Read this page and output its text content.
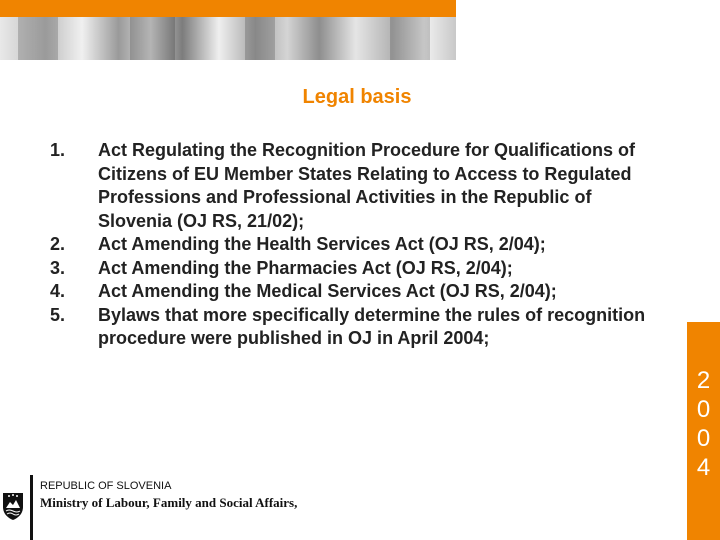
Legal basis
1.	Act Regulating the Recognition Procedure for Qualifications of Citizens of EU Member States Relating to Access to Regulated Professions and Professional Activities in the Republic of Slovenia (OJ RS, 21/02);
2.	Act Amending the Health Services Act (OJ RS, 2/04);
3.	Act Amending the Pharmacies Act (OJ RS, 2/04);
4.	Act Amending the Medical Services Act (OJ RS, 2/04);
5.	Bylaws that more specifically determine the rules of recognition procedure were published in OJ in April 2004;
2
0
0
4
REPUBLIC OF SLOVENIA
Ministry of Labour, Family and Social Affairs,
